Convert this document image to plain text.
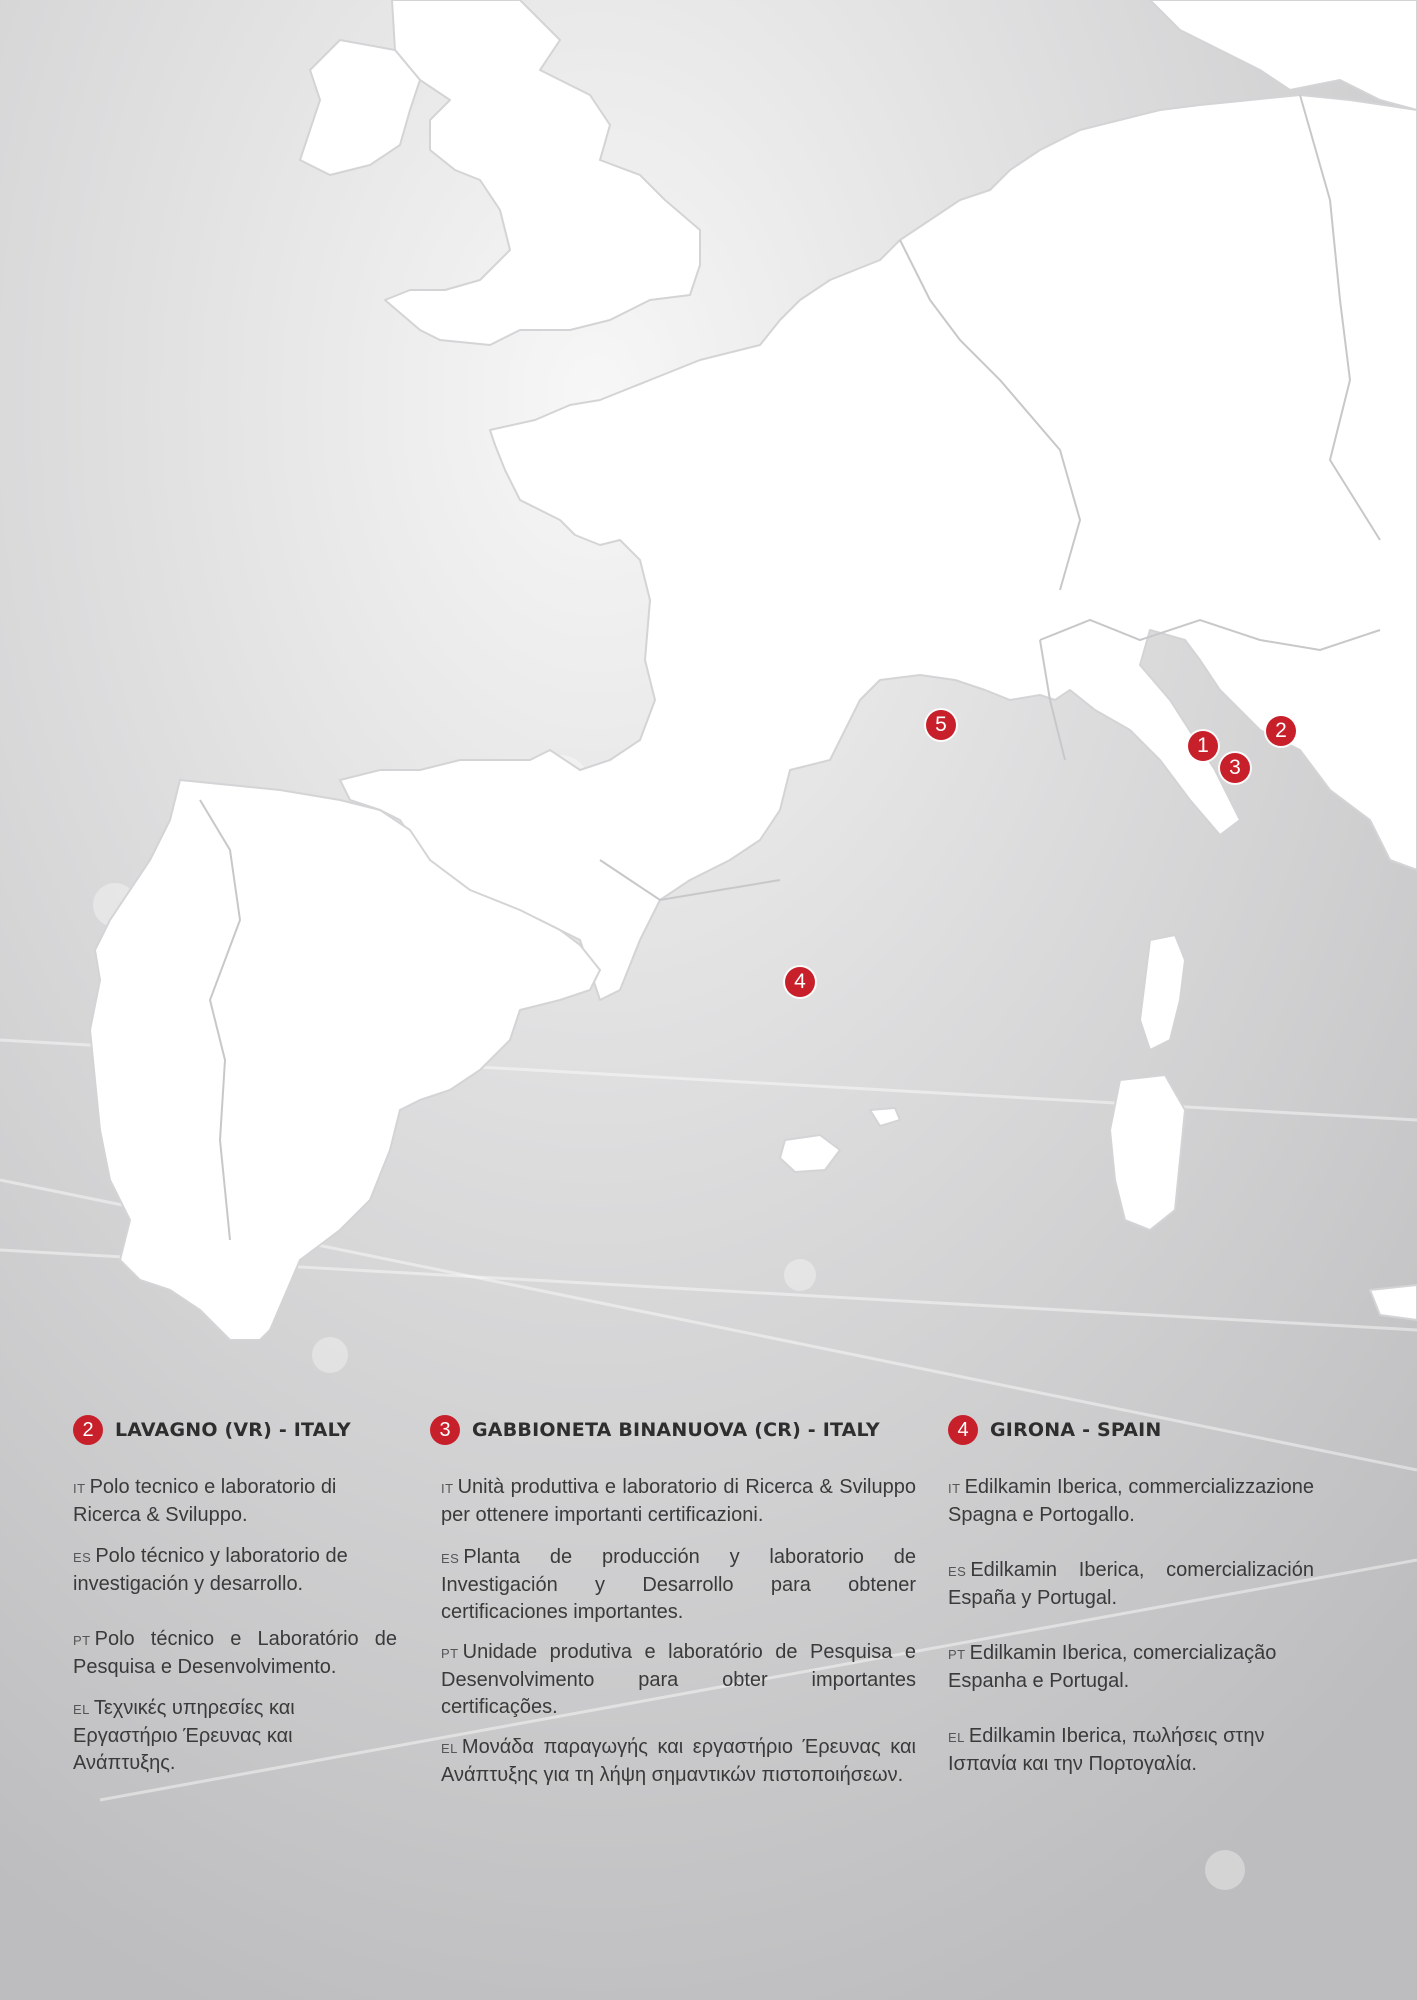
1
2
3
4
5
2	LAVAGNO (VR) - ITALY

IT Polo tecnico e laboratorio di Ricerca & Sviluppo.

ES Polo técnico y laboratorio de investigación y desarrollo.

PT Polo técnico e Laboratório de Pesquisa e Desenvolvimento.

EL Τεχνικές υπηρεσίες και Εργαστήριο Έρευνας και Ανάπτυξης.

3	GABBIONETA BINANUOVA (CR) - ITALY

IT Unità produttiva e laboratorio di Ricerca & Sviluppo per ottenere importanti certificazioni.

ES Planta de producción y laboratorio de Investigación y Desarrollo para obtener certificaciones importantes.

PT Unidade produtiva e laboratório de Pesquisa e Desenvolvimento para obter importantes certificações.

EL Μονάδα παραγωγής και εργαστήριο Έρευνας και Ανάπτυξης για τη λήψη σημαντικών πιστοποιήσεων.

4	GIRONA - SPAIN

IT Edilkamin Iberica, commercializzazione Spagna e Portogallo.

ES Edilkamin Iberica, comercialización España y Portugal.

PT Edilkamin Iberica, comercialização Espanha e Portugal.

EL Edilkamin Iberica, πωλήσεις στην Ισπανία και την Πορτογαλία.
